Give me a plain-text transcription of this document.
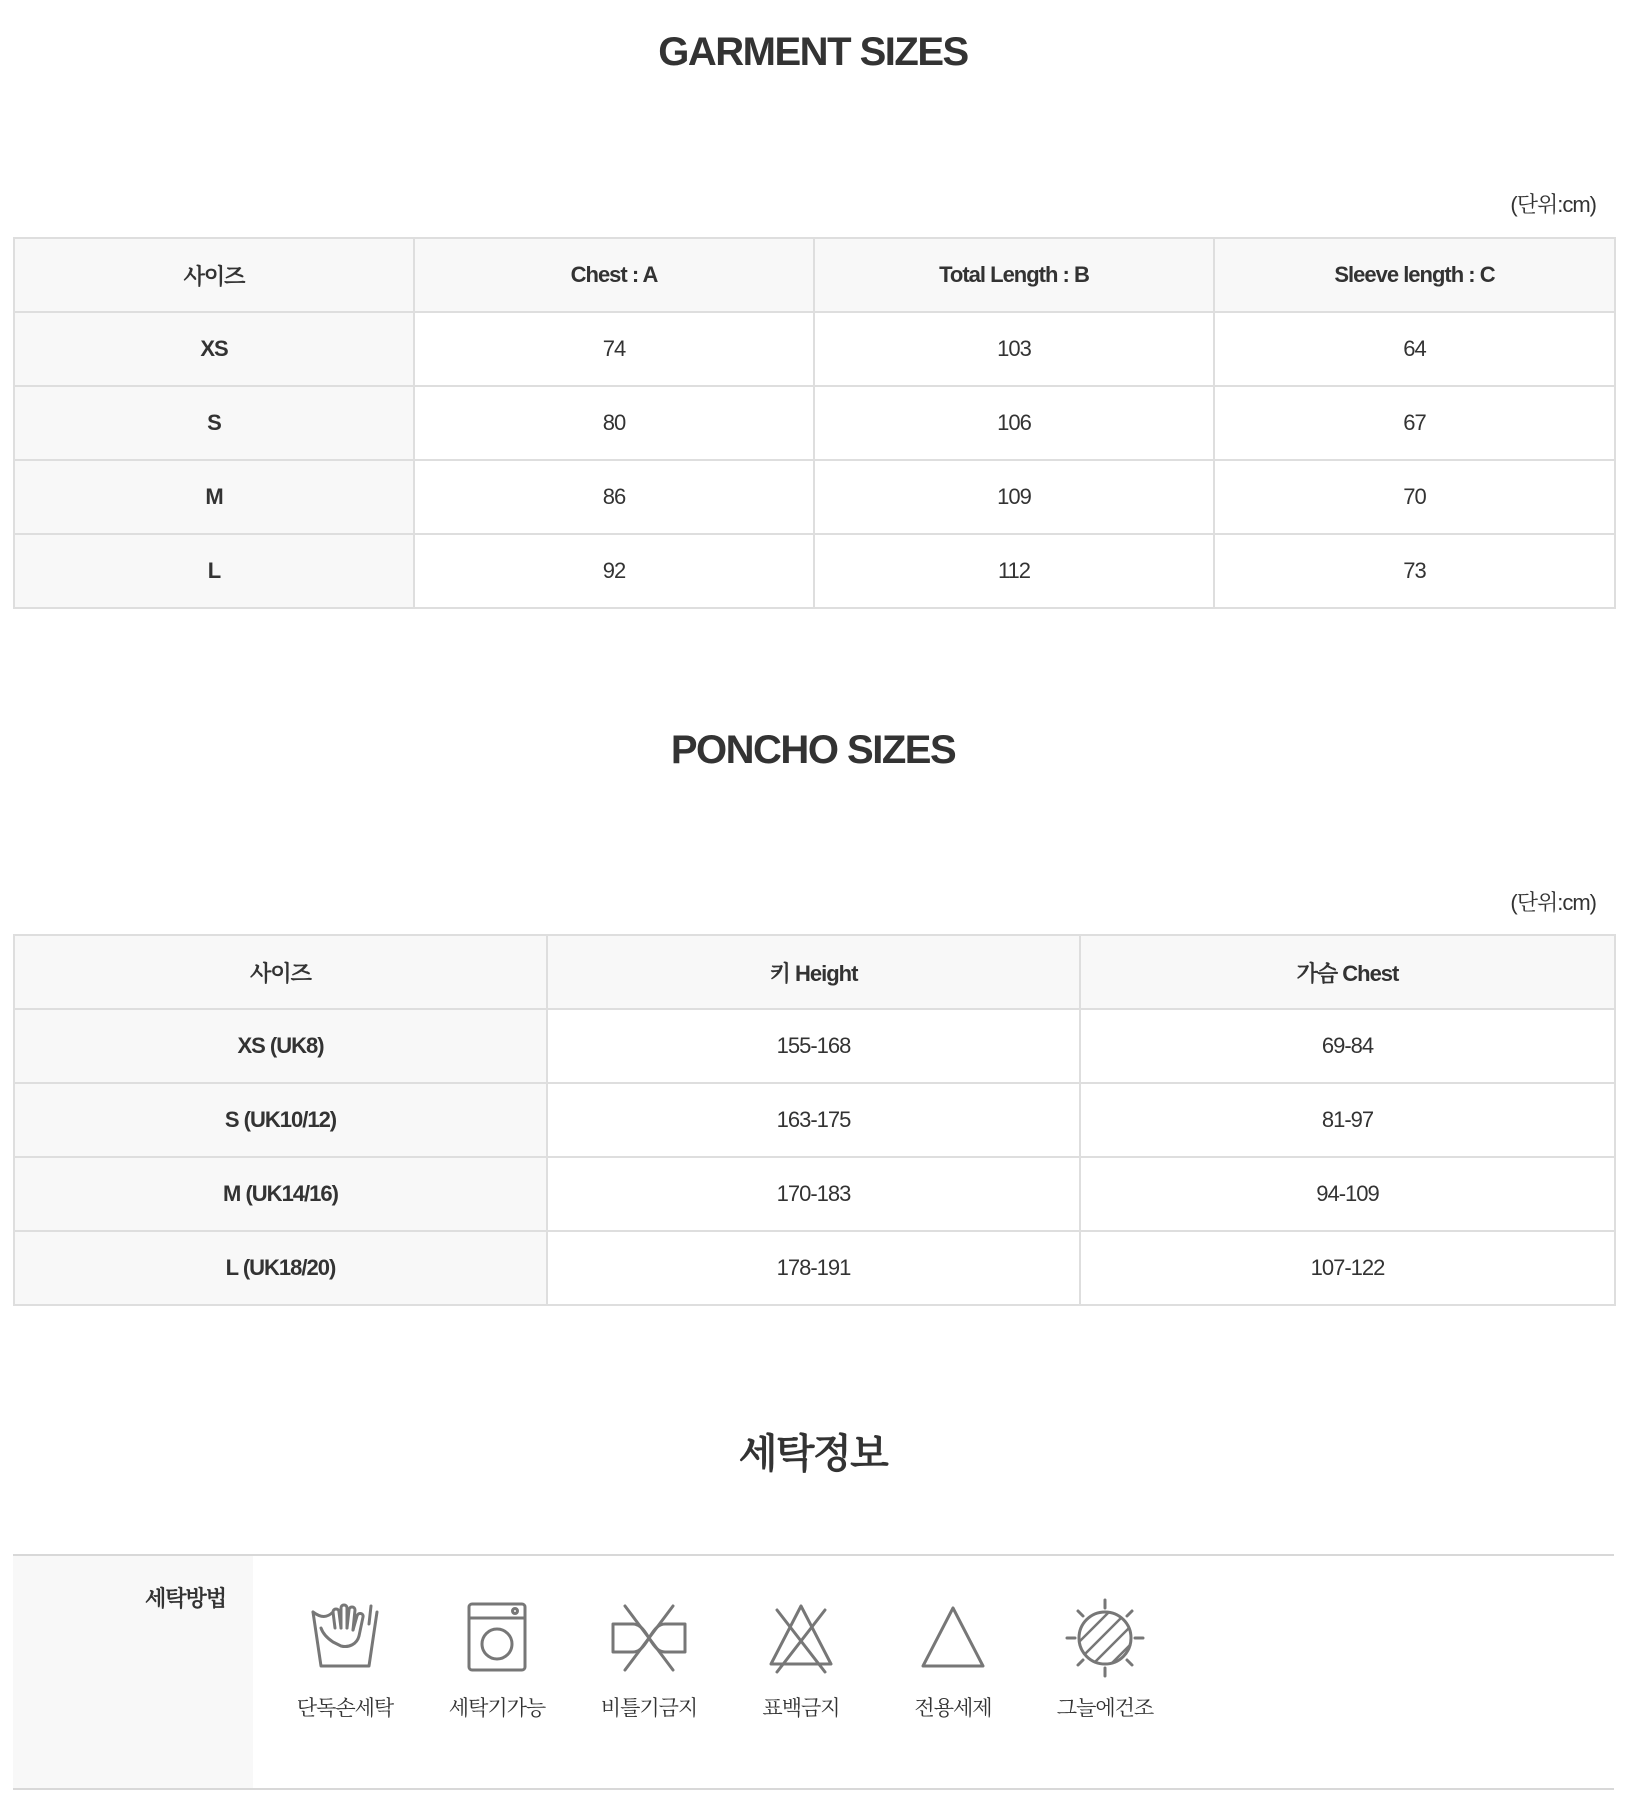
GARMENT SIZES
(단위:cm)
사이즈	Chest : A	Total Length : B	Sleeve length : C
XS	74	103	64
S	80	106	67
M	86	109	70
L	92	112	73
PONCHO SIZES
(단위:cm)
사이즈	키 Height	가슴 Chest
XS (UK8)	155-168	69-84
S (UK10/12)	163-175	81-97
M (UK14/16)	170-183	94-109
L (UK18/20)	178-191	107-122
세탁정보
세탁방법
단독손세탁	세탁기가능	비틀기금지	표백금지	전용세제	그늘에건조
